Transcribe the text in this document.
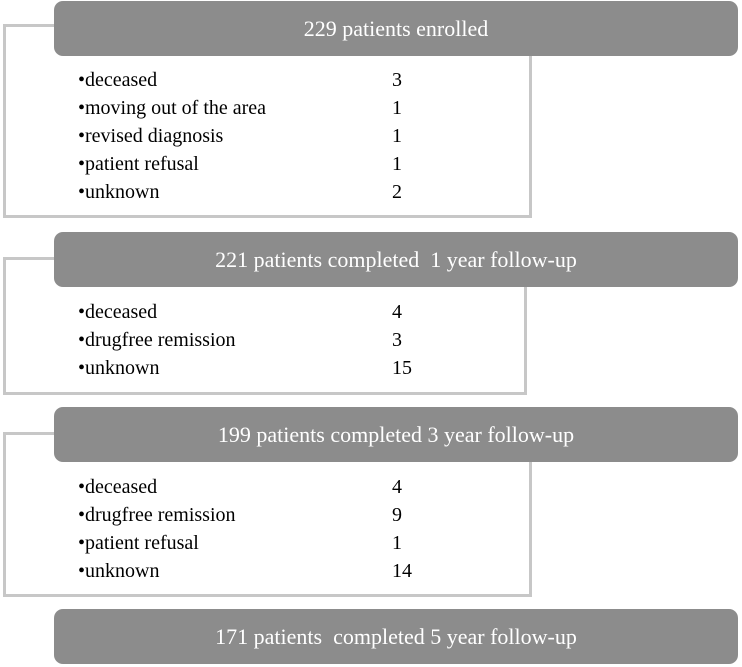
229 patients enrolled
221 patients completed  1 year follow-up
199 patients completed 3 year follow-up
171 patients  completed 5 year follow-up
•deceased	3
•moving out of the area	1
•revised diagnosis	1
•patient refusal	1
•unknown	2
•deceased	4
•drugfree remission	3
•unknown	15
•deceased	4
•drugfree remission	9
•patient refusal	1
•unknown	14
